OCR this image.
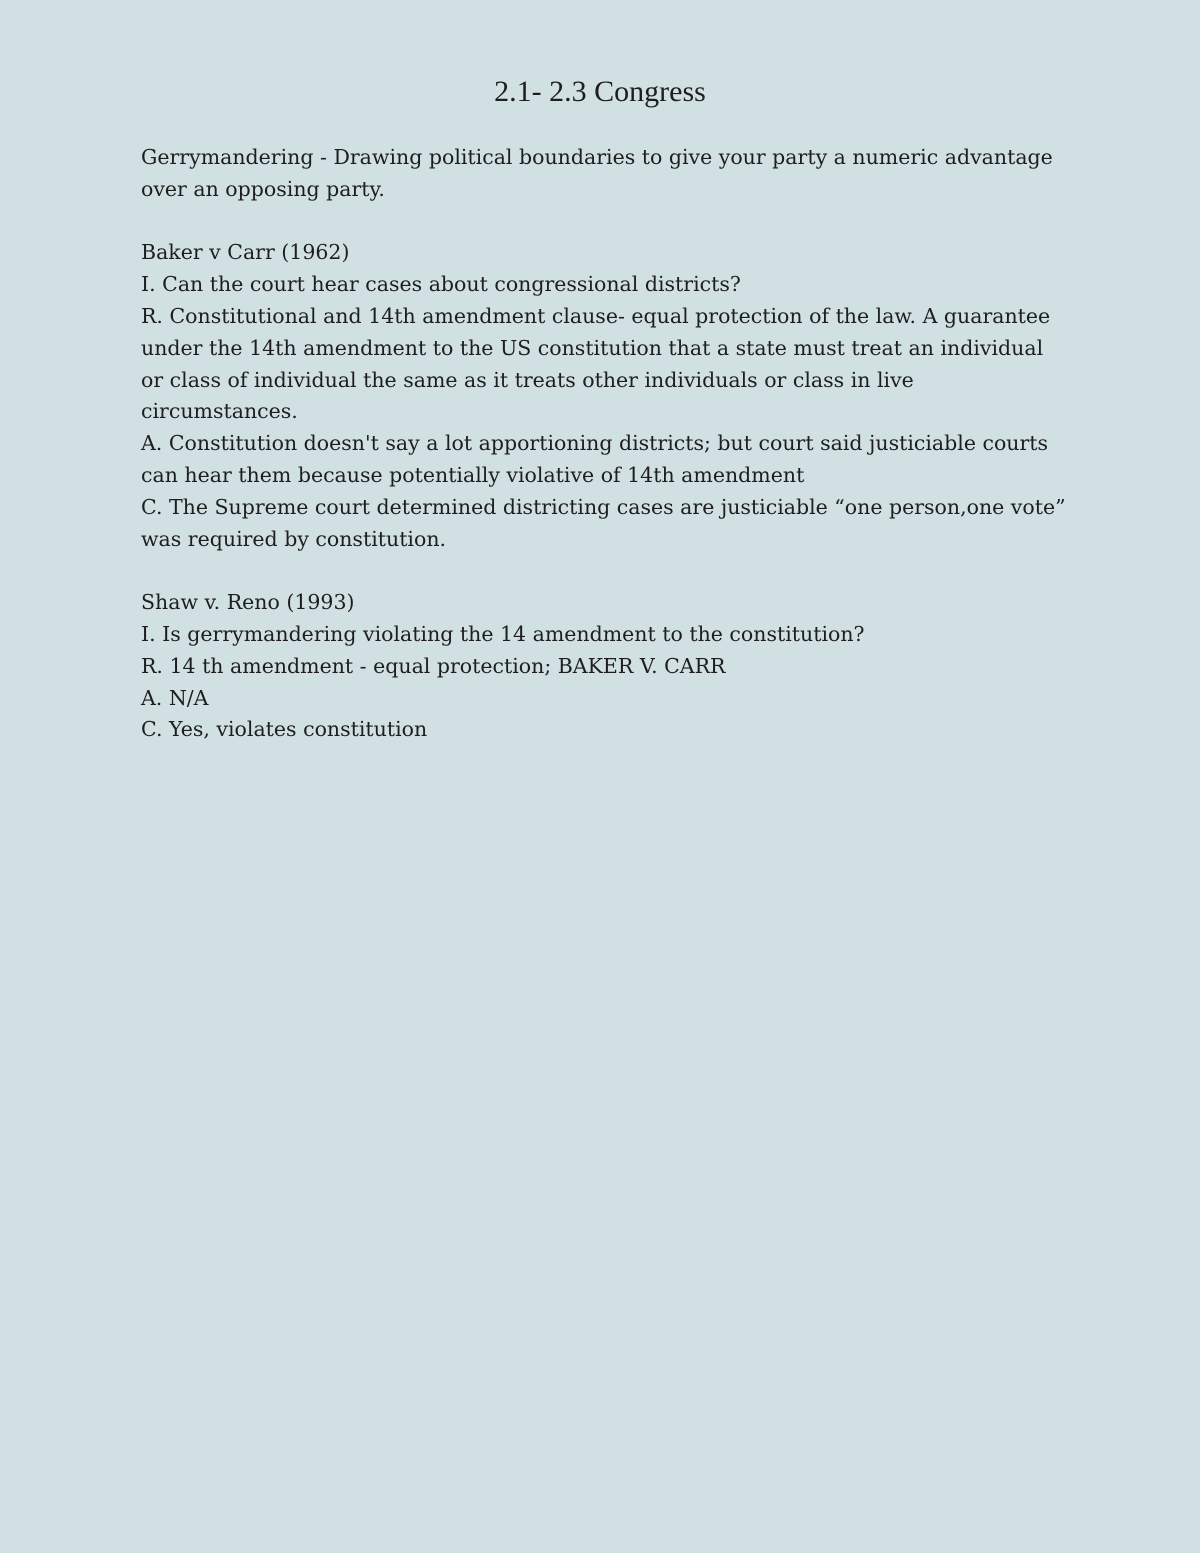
2.1- 2.3 Congress

Gerrymandering - Drawing political boundaries to give your party a numeric advantage over an opposing party.

Baker v Carr (1962)

I. Can the court hear cases about congressional districts?

R. Constitutional and 14th amendment clause- equal protection of the law. A guarantee under the 14th amendment to the US constitution that a state must treat an individual or class of individual the same as it treats other individuals or class in live circumstances.

A. Constitution doesn't say a lot apportioning districts; but court said justiciable courts can hear them because potentially violative of 14th amendment

C. The Supreme court determined districting cases are justiciable “one person,one vote” was required by constitution.

Shaw v. Reno (1993)

I. Is gerrymandering violating the 14 amendment to the constitution?

R. 14 th amendment - equal protection; BAKER V. CARR

A. N/A

C. Yes, violates constitution
